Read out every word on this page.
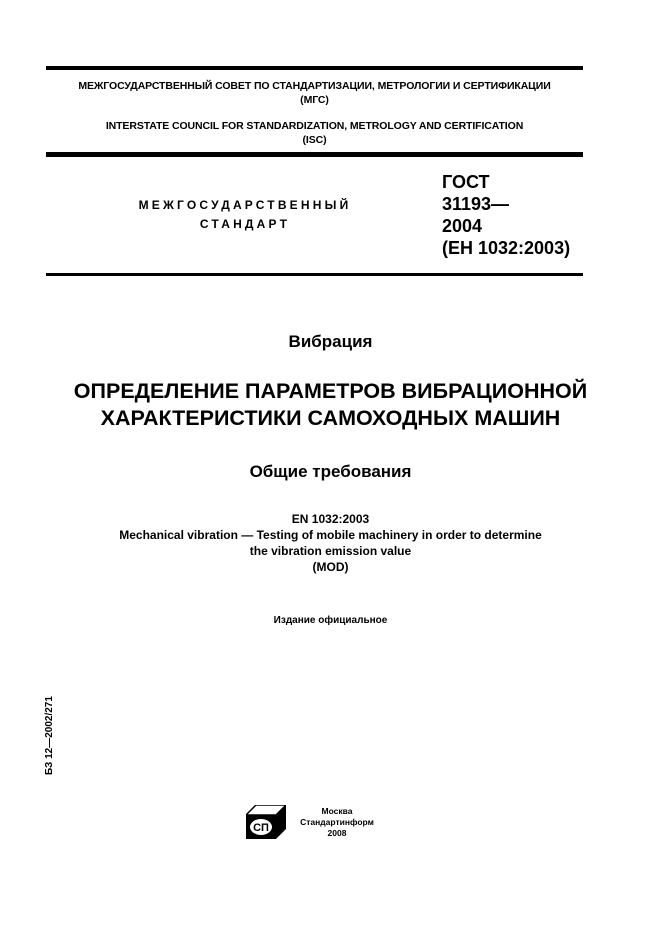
МЕЖГОСУДАРСТВЕННЫЙ СОВЕТ ПО СТАНДАРТИЗАЦИИ, МЕТРОЛОГИИ И СЕРТИФИКАЦИИ
(МГС)
INTERSTATE COUNCIL FOR STANDARDIZATION, METROLOGY AND CERTIFICATION
(ISC)
МЕЖГОСУДАРСТВЕННЫЙ
СТАНДАРТ
ГОСТ
31193—
2004
(ЕН 1032:2003)
Вибрация
ОПРЕДЕЛЕНИЕ ПАРАМЕТРОВ ВИБРАЦИОННОЙ
ХАРАКТЕРИСТИКИ САМОХОДНЫХ МАШИН
Общие требования
EN 1032:2003
Mechanical vibration — Testing of mobile machinery in order to determine
the vibration emission value
(MOD)
Издание официальное
БЗ 12—2002/271
СП
Москва
Стандартинформ
2008
